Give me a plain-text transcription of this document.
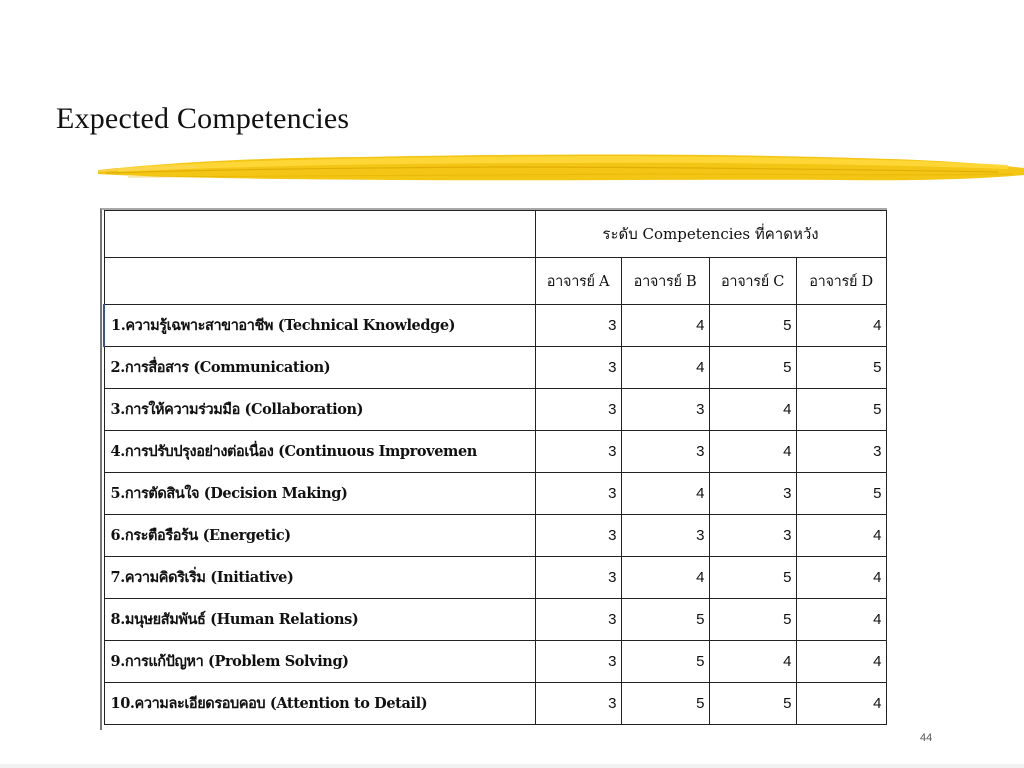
Expected Competencies
	ระดับ Competencies ที่คาดหวัง			
	อาจารย์ A	อาจารย์ B	อาจารย์ C	อาจารย์ D
1.ความรู้เฉพาะสาขาอาชีพ (Technical Knowledge)	3	4	5	4
2.การสื่อสาร (Communication)	3	4	5	5
3.การให้ความร่วมมือ (Collaboration)	3	3	4	5
4.การปรับปรุงอย่างต่อเนื่อง (Continuous Improvemen	3	3	4	3
5.การตัดสินใจ (Decision Making)	3	4	3	5
6.กระตือรือร้น (Energetic)	3	3	3	4
7.ความคิดริเริ่ม (Initiative)	3	4	5	4
8.มนุษยสัมพันธ์ (Human Relations)	3	5	5	4
9.การแก้ปัญหา (Problem Solving)	3	5	4	4
10.ความละเอียดรอบคอบ (Attention to Detail)	3	5	5	4
44
